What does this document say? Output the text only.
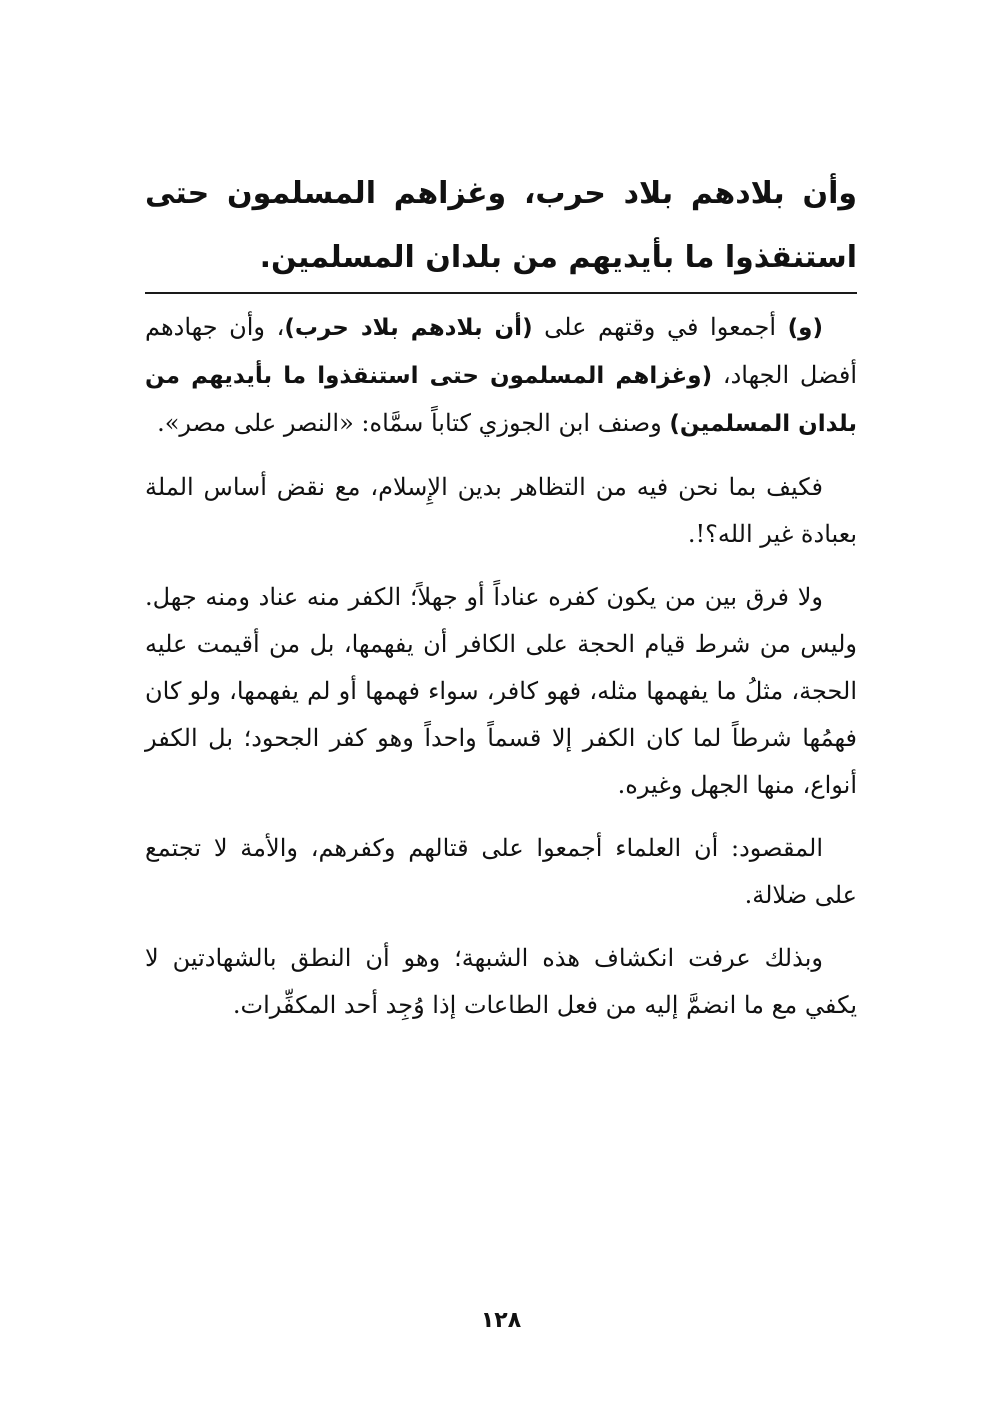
وأن بلادهم بلاد حرب، وغزاهم المسلمون حتى استنقذوا ما بأيديهم من بلدان المسلمين.

(و) أجمعوا في وقتهم على (أن بلادهم بلاد حرب)، وأن جهادهم أفضل الجهاد، (وغزاهم المسلمون حتى استنقذوا ما بأيديهم من بلدان المسلمين) وصنف ابن الجوزي كتاباً سمَّاه: «النصر على مصر».

فكيف بما نحن فيه من التظاهر بدين الإِسلام، مع نقض أساس الملة بعبادة غير الله؟!.

ولا فرق بين من يكون كفره عناداً أو جهلاً؛ الكفر منه عناد ومنه جهل. وليس من شرط قيام الحجة على الكافر أن يفهمها، بل من أقيمت عليه الحجة، مثلُ ما يفهمها مثله، فهو كافر، سواء فهمها أو لم يفهمها، ولو كان فهمُها شرطاً لما كان الكفر إلا قسماً واحداً وهو كفر الجحود؛ بل الكفر أنواع، منها الجهل وغيره.

المقصود: أن العلماء أجمعوا على قتالهم وكفرهم، والأمة لا تجتمع على ضلالة.

وبذلك عرفت انكشاف هذه الشبهة؛ وهو أن النطق بالشهادتين لا يكفي مع ما انضمَّ إليه من فعل الطاعات إذا وُجِد أحد المكفِّرات.

١٢٨
